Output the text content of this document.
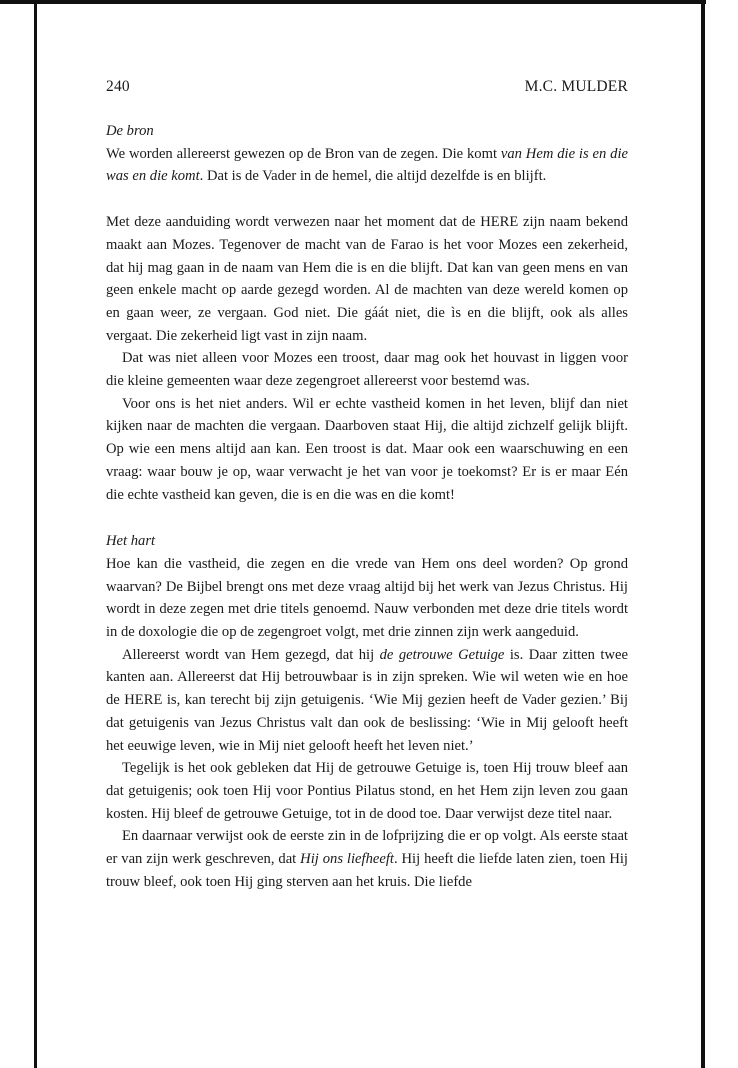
240	M.C. MULDER

De bron

We worden allereerst gewezen op de Bron van de zegen. Die komt van Hem die is en die was en die komt. Dat is de Vader in de hemel, die altijd dezelfde is en blijft.

Met deze aanduiding wordt verwezen naar het moment dat de HERE zijn naam bekend maakt aan Mozes. Tegenover de macht van de Farao is het voor Mozes een zekerheid, dat hij mag gaan in de naam van Hem die is en die blijft. Dat kan van geen mens en van geen enkele macht op aarde gezegd worden. Al de machten van deze wereld komen op en gaan weer, ze vergaan. God niet. Die gáát niet, die ìs en die blijft, ook als alles vergaat. Die zekerheid ligt vast in zijn naam.

Dat was niet alleen voor Mozes een troost, daar mag ook het houvast in liggen voor die kleine gemeenten waar deze zegengroet allereerst voor bestemd was.

Voor ons is het niet anders. Wil er echte vastheid komen in het leven, blijf dan niet kijken naar de machten die vergaan. Daarboven staat Hij, die altijd zichzelf gelijk blijft. Op wie een mens altijd aan kan. Een troost is dat. Maar ook een waarschuwing en een vraag: waar bouw je op, waar verwacht je het van voor je toekomst? Er is er maar Eén die echte vastheid kan geven, die is en die was en die komt!

Het hart

Hoe kan die vastheid, die zegen en die vrede van Hem ons deel worden? Op grond waarvan? De Bijbel brengt ons met deze vraag altijd bij het werk van Jezus Christus. Hij wordt in deze zegen met drie titels genoemd. Nauw verbonden met deze drie titels wordt in de doxologie die op de zegengroet volgt, met drie zinnen zijn werk aangeduid.

Allereerst wordt van Hem gezegd, dat hij de getrouwe Getuige is. Daar zitten twee kanten aan. Allereerst dat Hij betrouwbaar is in zijn spreken. Wie wil weten wie en hoe de HERE is, kan terecht bij zijn getuigenis. ‘Wie Mij gezien heeft de Vader gezien.’ Bij dat getuigenis van Jezus Christus valt dan ook de beslissing: ‘Wie in Mij gelooft heeft het eeuwige leven, wie in Mij niet gelooft heeft het leven niet.’

Tegelijk is het ook gebleken dat Hij de getrouwe Getuige is, toen Hij trouw bleef aan dat getuigenis; ook toen Hij voor Pontius Pilatus stond, en het Hem zijn leven zou gaan kosten. Hij bleef de getrouwe Getuige, tot in de dood toe. Daar verwijst deze titel naar.

En daarnaar verwijst ook de eerste zin in de lofprijzing die er op volgt. Als eerste staat er van zijn werk geschreven, dat Hij ons liefheeft. Hij heeft die liefde laten zien, toen Hij trouw bleef, ook toen Hij ging sterven aan het kruis. Die liefde
